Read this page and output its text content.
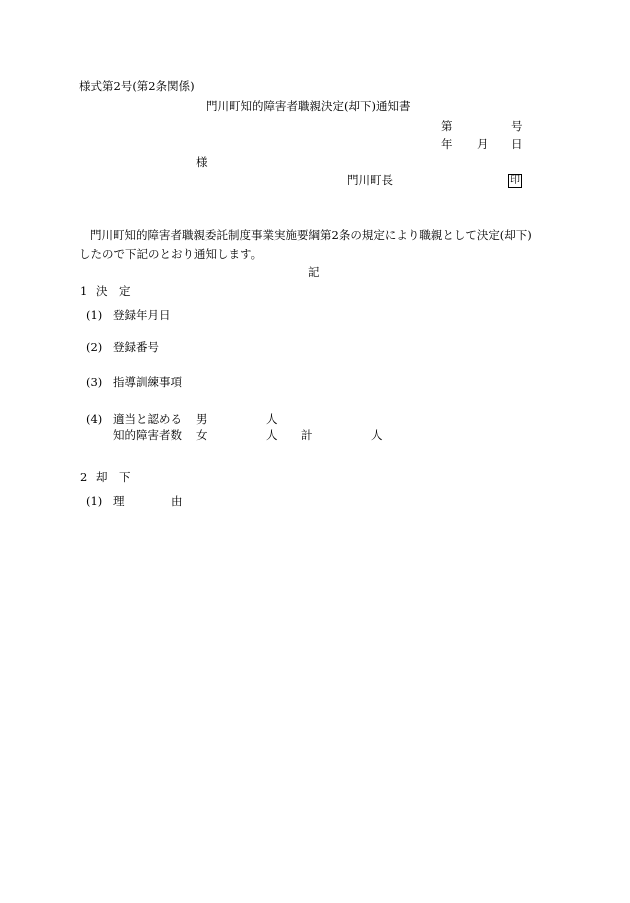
様式第2号(第2条関係)
門川町知的障害者職親決定(却下)通知書
第	号
年 月 日
様
門川町長	印
門川町知的障害者職親委託制度事業実施要綱第2条の規定により職親として決定(却下)
したので下記のとおり通知します。
記
1 決　定
(1) 登録年月日
(2) 登録番号
(3) 指導訓練事項
(4) 適当と認める
知的障害者数
男	人
女	人 計	人
2 却　下
(1) 理	由
